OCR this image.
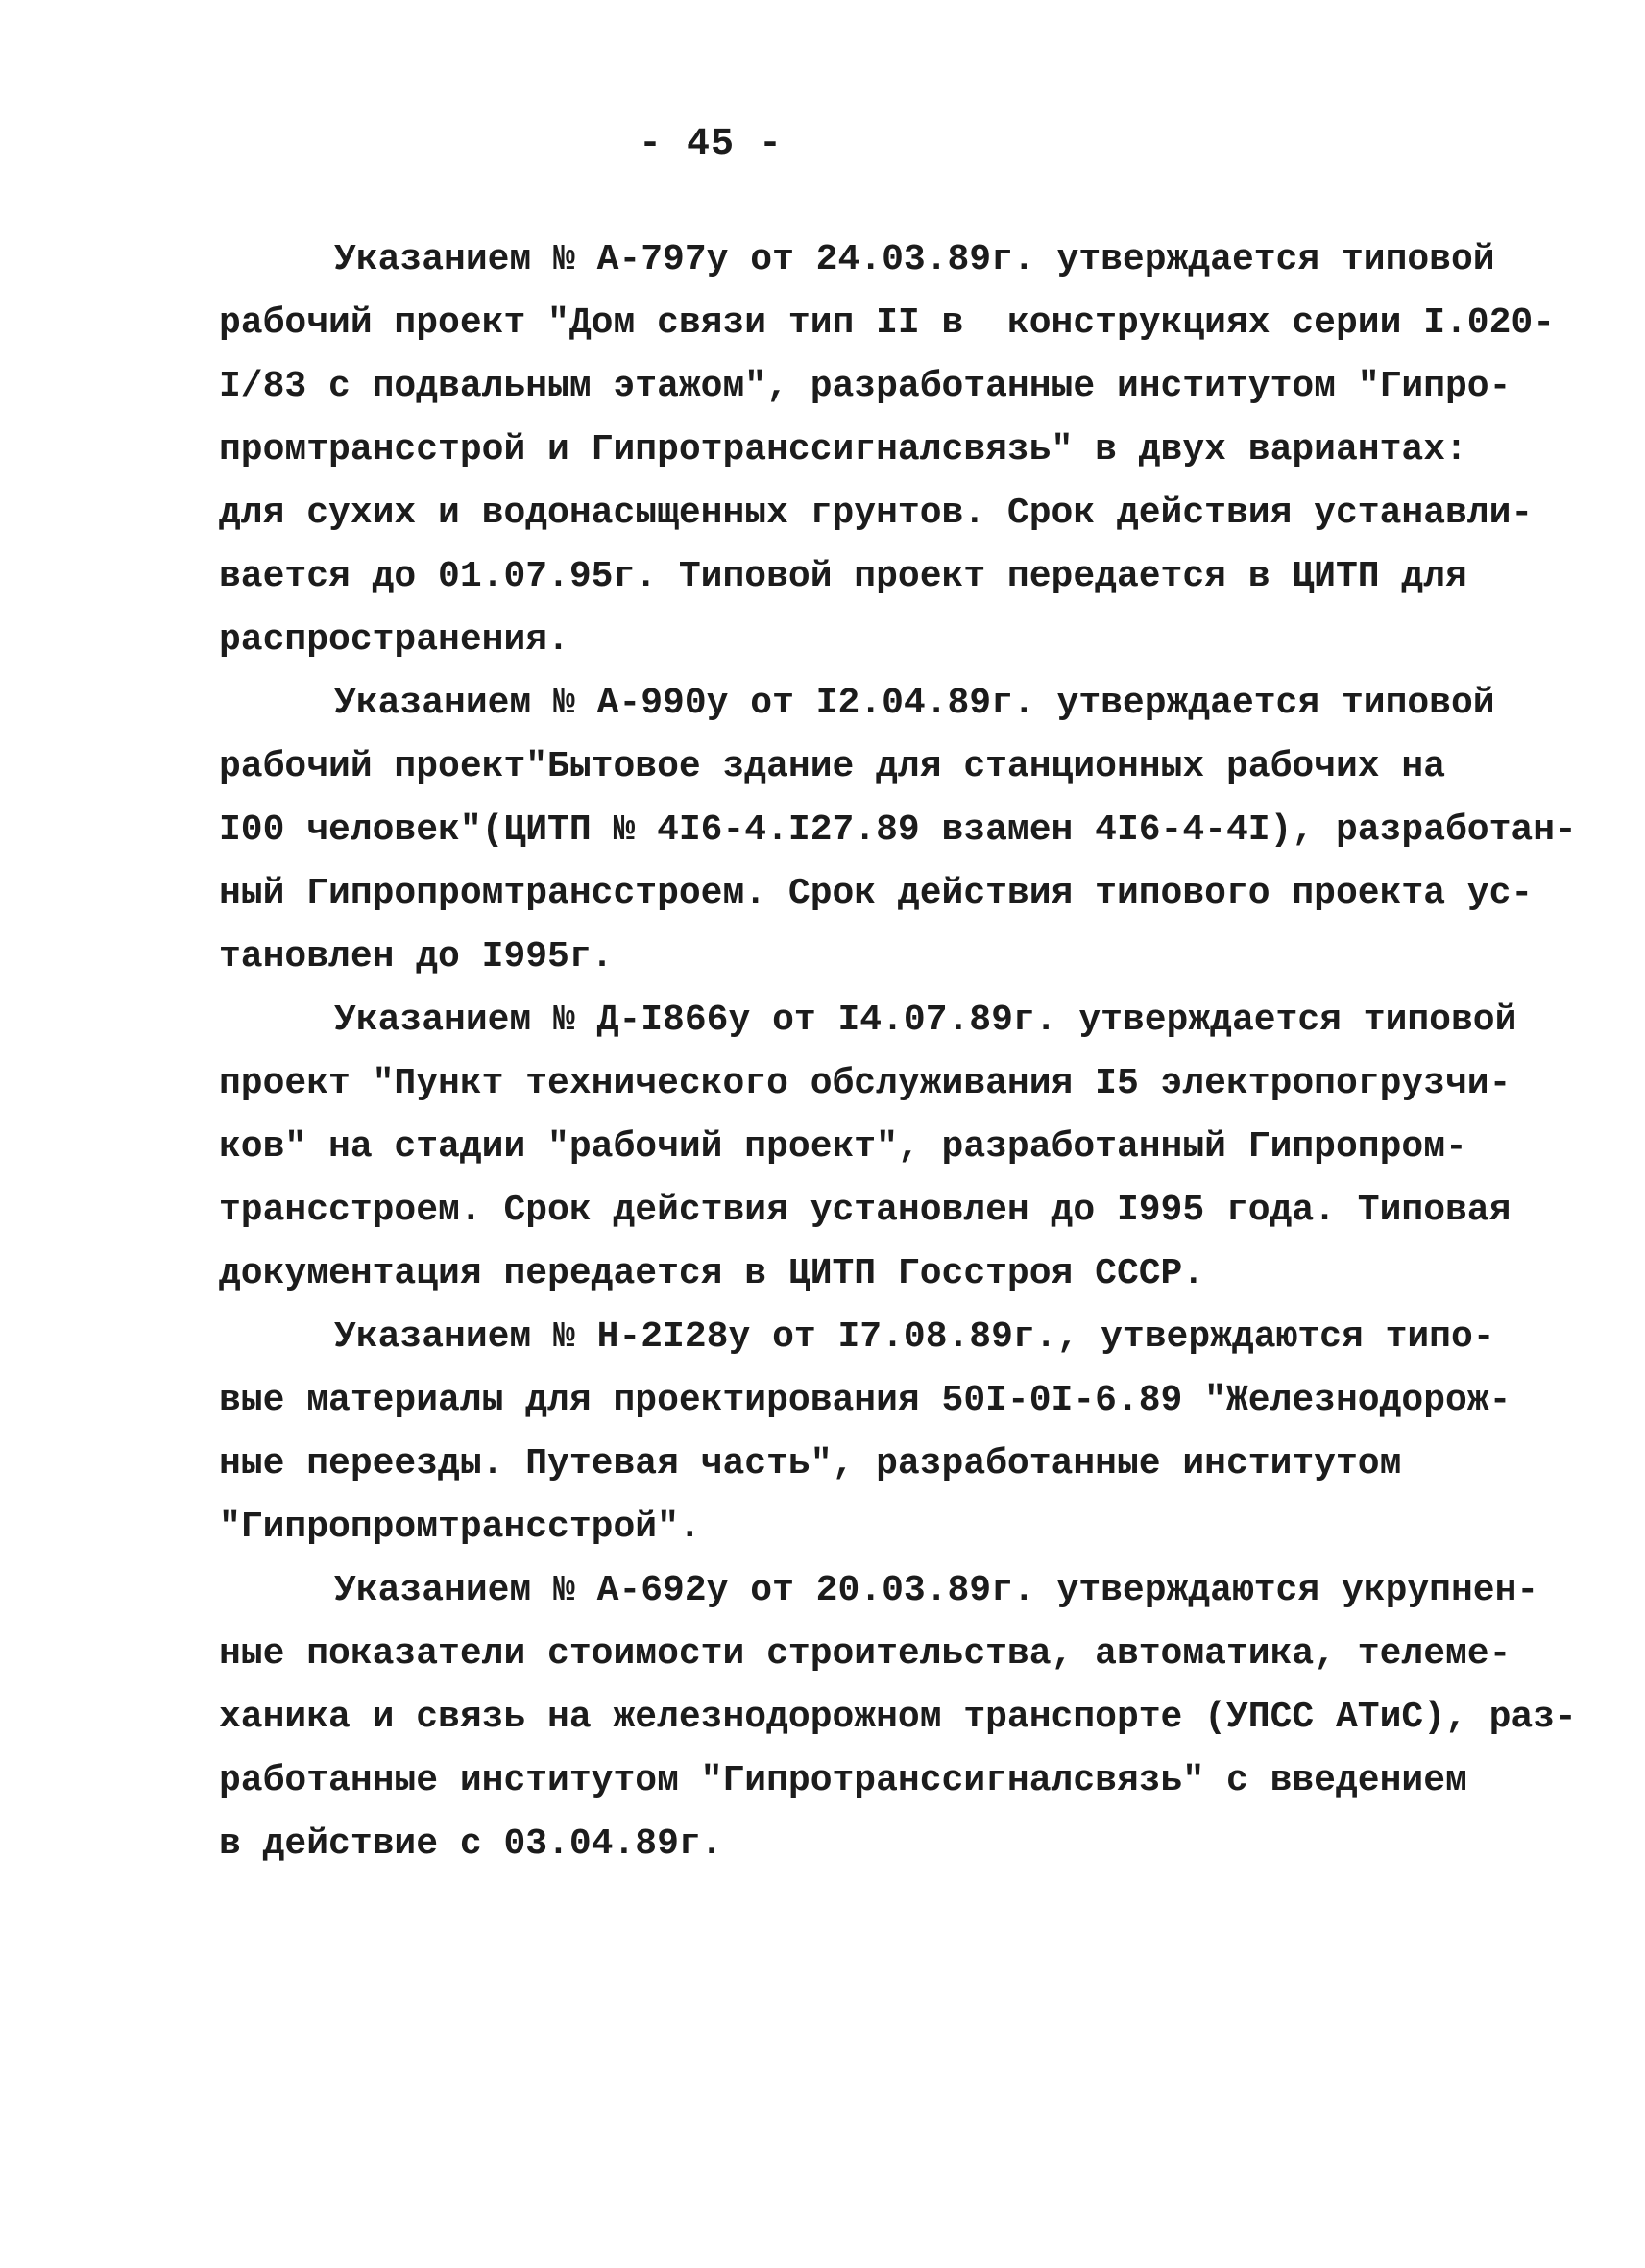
- 45 -
Указанием № А-797у от 24.03.89г. утверждается типовой
рабочий проект "Дом связи тип II в  конструкциях серии I.020-
I/83 с подвальным этажом", разработанные институтом "Гипро-
промтрансстрой и Гипротранссигналсвязь" в двух вариантах:
для сухих и водонасыщенных грунтов. Срок действия устанавли-
вается до 01.07.95г. Типовой проект передается в ЦИТП для
распространения.
Указанием № А-990у от I2.04.89г. утверждается типовой
рабочий проект"Бытовое здание для станционных рабочих на
I00 человек"(ЦИТП № 4I6-4.I27.89 взамен 4I6-4-4I), разработан-
ный Гипропромтрансстроем. Срок действия типового проекта ус-
тановлен до I995г.
Указанием № Д-I866у от I4.07.89г. утверждается типовой
проект "Пункт технического обслуживания I5 электропогрузчи-
ков" на стадии "рабочий проект", разработанный Гипропром-
трансстроем. Срок действия установлен до I995 года. Типовая
документация передается в ЦИТП Госстроя СССР.
Указанием № Н-2I28у от I7.08.89г., утверждаются типо-
вые материалы для проектирования 50I-0I-6.89 "Железнодорож-
ные переезды. Путевая часть", разработанные институтом
"Гипропромтрансстрой".
Указанием № А-692у от 20.03.89г. утверждаются укрупнен-
ные показатели стоимости строительства, автоматика, телеме-
ханика и связь на железнодорожном транспорте (УПСС АТиС), раз-
работанные институтом "Гипротранссигналсвязь" с введением
в действие с 03.04.89г.
